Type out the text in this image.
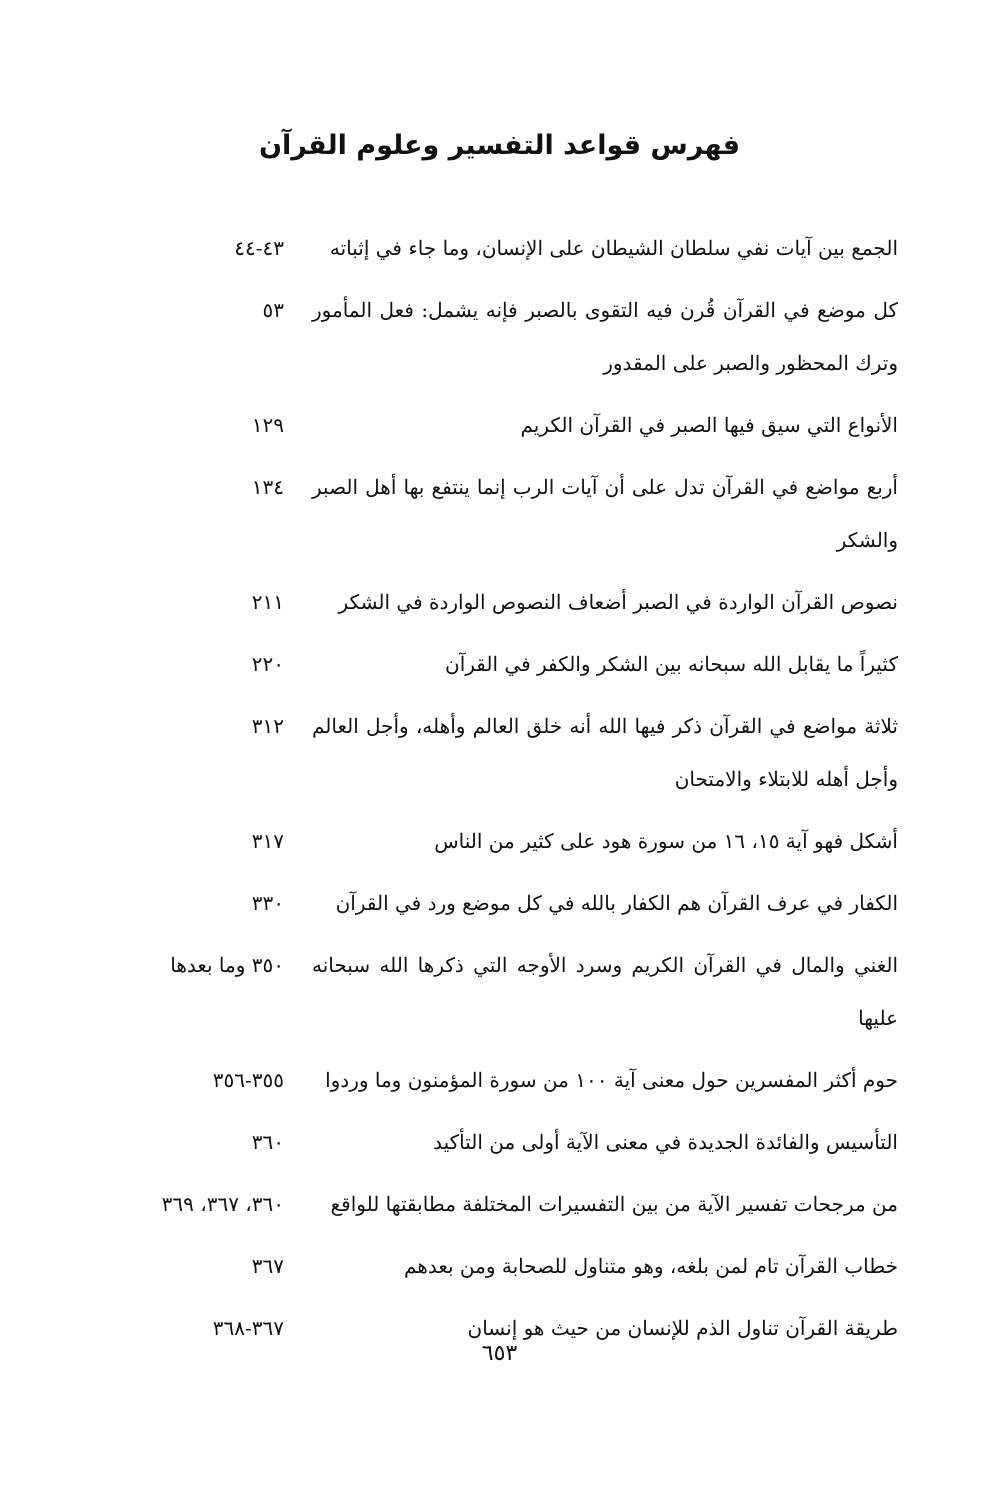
فهرس قواعد التفسير وعلوم القرآن
الجمع بين آيات نفي سلطان الشيطان على الإنسان، وما جاء في إثباته
٤٣-٤٤
كل موضع في القرآن قُرن فيه التقوى بالصبر فإنه يشمل: فعل المأمور وترك المحظور والصبر على المقدور
٥٣
الأنواع التي سيق فيها الصبر في القرآن الكريم
١٢٩
أربع مواضع في القرآن تدل على أن آيات الرب إنما ينتفع بها أهل الصبر والشكر
١٣٤
نصوص القرآن الواردة في الصبر أضعاف النصوص الواردة في الشكر
٢١١
كثيراً ما يقابل الله سبحانه بين الشكر والكفر في القرآن
٢٢٠
ثلاثة مواضع في القرآن ذكر فيها الله أنه خلق العالم وأهله، وأجل العالم وأجل أهله للابتلاء والامتحان
٣١٢
أشكل فهو آية ١٥، ١٦ من سورة هود على كثير من الناس
٣١٧
الكفار في عرف القرآن هم الكفار بالله في كل موضع ورد في القرآن
٣٣٠
الغني والمال في القرآن الكريم وسرد الأوجه التي ذكرها الله سبحانه عليها
٣٥٠ وما بعدها
حوم أكثر المفسرين حول معنى آية ١٠٠ من سورة المؤمنون وما وردوا
٣٥٥-٣٥٦
التأسيس والفائدة الجديدة في معنى الآية أولى من التأكيد
٣٦٠
من مرجحات تفسير الآية من بين التفسيرات المختلفة مطابقتها للواقع
٣٦٠، ٣٦٧، ٣٦٩
خطاب القرآن تام لمن بلغه، وهو متناول للصحابة ومن بعدهم
٣٦٧
طريقة القرآن تناول الذم للإنسان من حيث هو إنسان
٣٦٧-٣٦٨
٦٥٣
